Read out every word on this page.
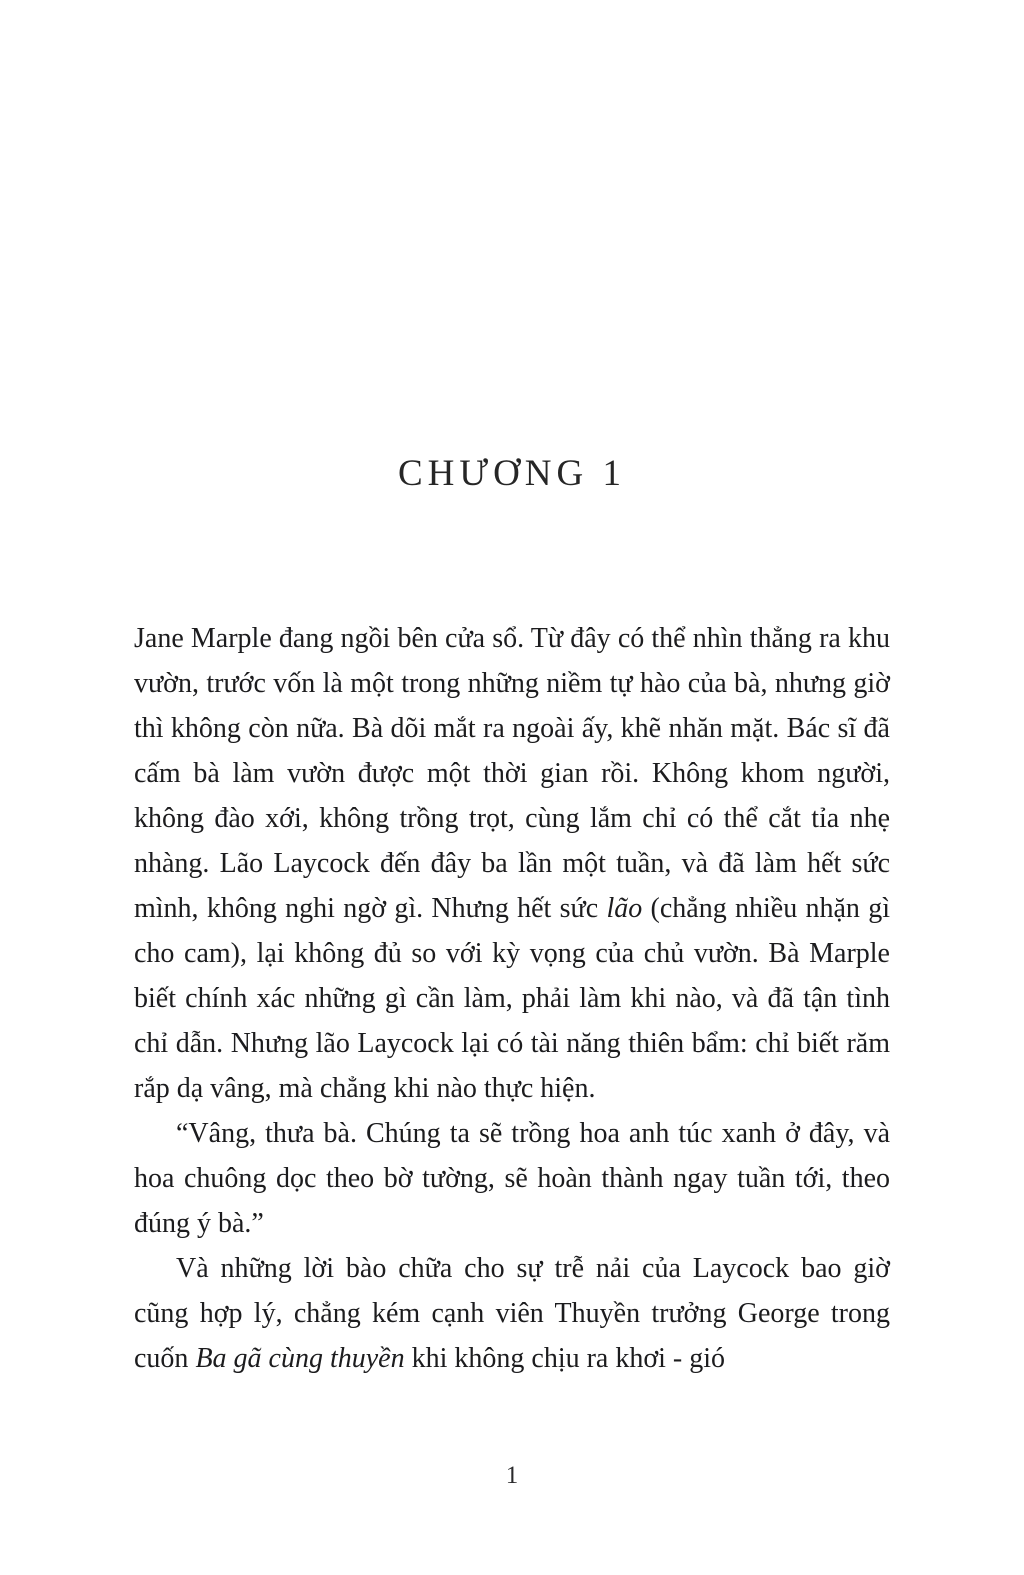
CHƯƠNG 1

Jane Marple đang ngồi bên cửa sổ. Từ đây có thể nhìn thẳng ra khu vườn, trước vốn là một trong những niềm tự hào của bà, nhưng giờ thì không còn nữa. Bà dõi mắt ra ngoài ấy, khẽ nhăn mặt. Bác sĩ đã cấm bà làm vườn được một thời gian rồi. Không khom người, không đào xới, không trồng trọt, cùng lắm chỉ có thể cắt tỉa nhẹ nhàng. Lão Laycock đến đây ba lần một tuần, và đã làm hết sức mình, không nghi ngờ gì. Nhưng hết sức lão (chẳng nhiều nhặn gì cho cam), lại không đủ so với kỳ vọng của chủ vườn. Bà Marple biết chính xác những gì cần làm, phải làm khi nào, và đã tận tình chỉ dẫn. Nhưng lão Laycock lại có tài năng thiên bẩm: chỉ biết răm rắp dạ vâng, mà chẳng khi nào thực hiện.

“Vâng, thưa bà. Chúng ta sẽ trồng hoa anh túc xanh ở đây, và hoa chuông dọc theo bờ tường, sẽ hoàn thành ngay tuần tới, theo đúng ý bà.”

Và những lời bào chữa cho sự trễ nải của Laycock bao giờ cũng hợp lý, chẳng kém cạnh viên Thuyền trưởng George trong cuốn Ba gã cùng thuyền khi không chịu ra khơi - gió

1
